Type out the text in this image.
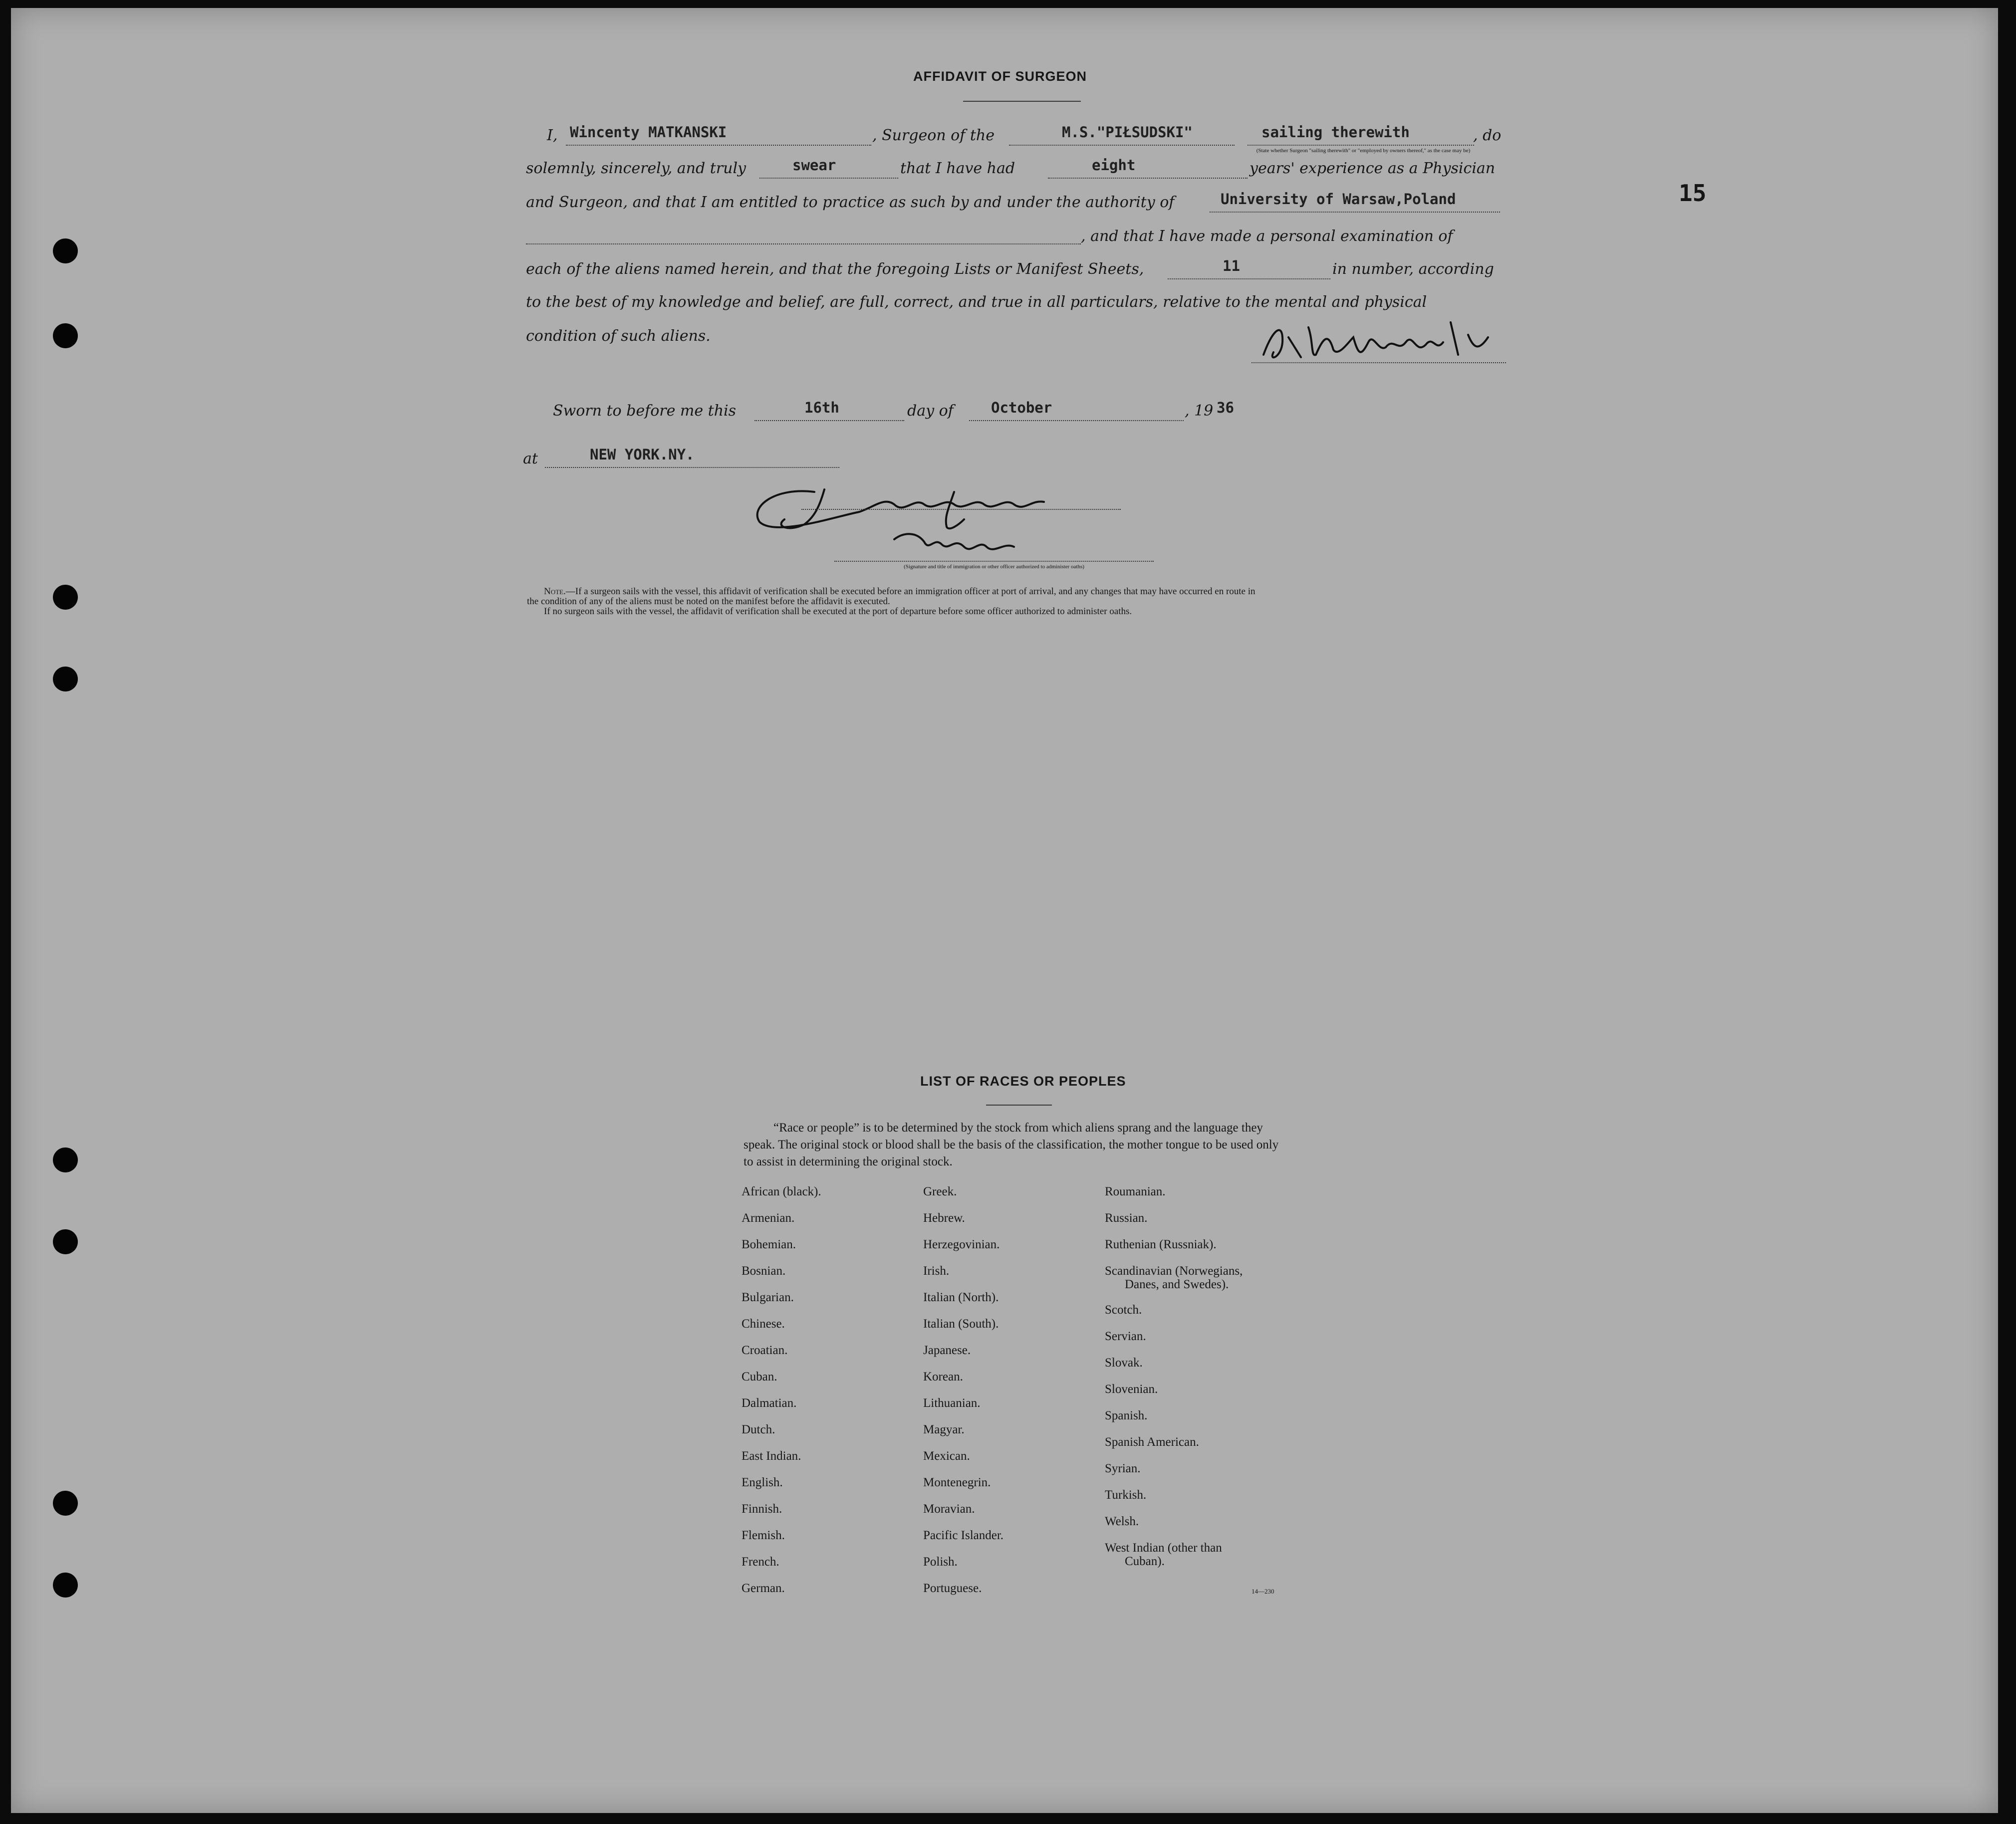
15
AFFIDAVIT OF SURGEON
I, Wincenty MATKANSKI	, Surgeon of the	M.S."PIŁSUDSKI"	sailing therewith	, do
(State whether Surgeon "sailing therewith" or "employed by owners thereof," as the case may be)
solemnly, sincerely, and truly	swear	that I have had	eight	years' experience as a Physician
and Surgeon, and that I am entitled to practice as such by and under the authority of	University of Warsaw,Poland
, and that I have made a personal examination of
each of the aliens named herein, and that the foregoing Lists or Manifest Sheets,	11	in number, according
to the best of my knowledge and belief, are full, correct, and true in all particulars, relative to the mental and physical
condition of such aliens.
Sworn to before me this	16th	day of	October	, 19 36
at	NEW YORK.NY.
(Signature and title of immigration or other officer authorized to administer oaths)
Note.—If a surgeon sails with the vessel, this affidavit of verification shall be executed before an immigration officer at port of arrival, and any changes that may have occurred en route in
the condition of any of the aliens must be noted on the manifest before the affidavit is executed.
If no surgeon sails with the vessel, the affidavit of verification shall be executed at the port of departure before some officer authorized to administer oaths.
LIST OF RACES OR PEOPLES
“Race or people” is to be determined by the stock from which aliens sprang and the language they speak. The original stock or blood shall be the basis of the classification, the mother tongue to be used only to assist in determining the original stock.
African (black).
Armenian.
Bohemian.
Bosnian.
Bulgarian.
Chinese.
Croatian.
Cuban.
Dalmatian.
Dutch.
East Indian.
English.
Finnish.
Flemish.
French.
German.
Greek.
Hebrew.
Herzegovinian.
Irish.
Italian (North).
Italian (South).
Japanese.
Korean.
Lithuanian.
Magyar.
Mexican.
Montenegrin.
Moravian.
Pacific Islander.
Polish.
Portuguese.
Roumanian.
Russian.
Ruthenian (Russniak).
Scandinavian (Norwegians,
Danes, and Swedes).
Scotch.
Servian.
Slovak.
Slovenian.
Spanish.
Spanish American.
Syrian.
Turkish.
Welsh.
West Indian (other than
Cuban).
14—230
